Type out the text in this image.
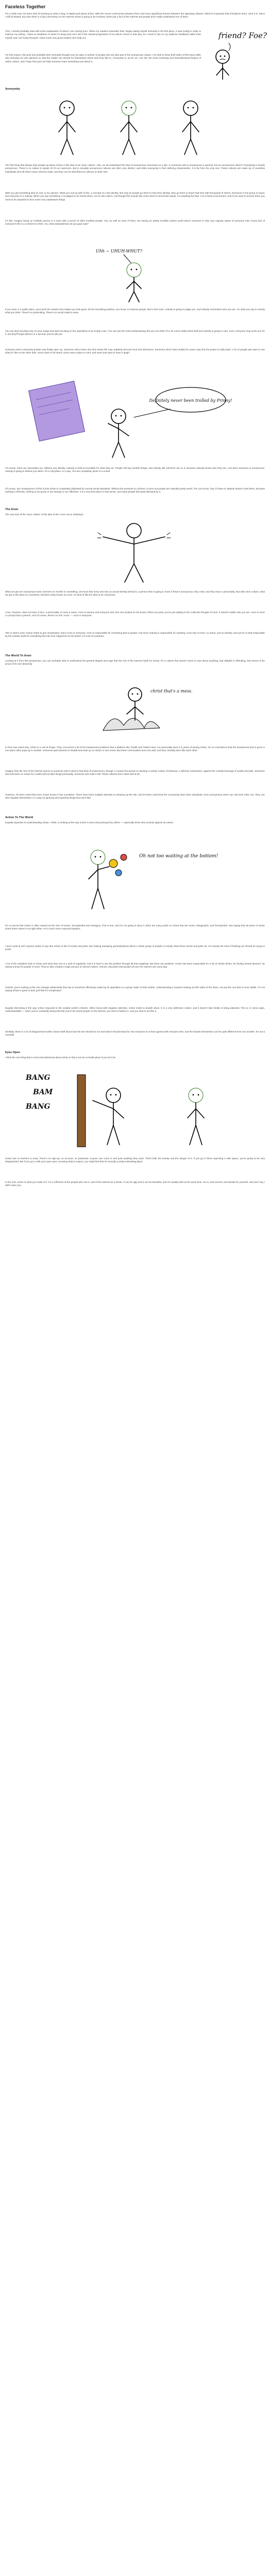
Faceless Together
For a while now I've been kind of meaning to write a long, in-depth post about 4chan. With the recent controversy between them and some significant tension between the opposing cultures I think it's important that it finally be done. Here it is. Since I will be biased, any time there is a big controversy on the internet 4chan is going to be involved, that's just a fact of the internet and people don't really understand one of them.
First, I should probably start with some explanation of where I am coming from. When my readers remember that I began taking myself seriously in the first place, it was mostly in order to improve my writing. I have no feedback on what I'm doing and can't see if the natural progression of an article comes in that way. So I need to rely on my audience feedback rather than myself, and I am lucky because I have some very good readers who help out.
For this reason, this post has probably been seriously thought over by quite a number of people who are also part of the anonymous culture. I've tried to show both sides of this issue while also showing my own opinions so that the reader can decide for themselves which side they fall on. Anonymity is, as far as I can tell, the most confusing and misunderstood feature of online culture, and I hope this post can help someone learn something new about it.
friend? Foe?
Anonymity
The first thing that always trips people up about 4chan is this idea of an 'anon culture'. Like, we all understand the idea of anonymous comments on a site, or someone who is anonymous in general, but an anonymous culture? Everybody is simply anonymous. There is no culture to speak of! It's an oxymoron. But in actuality anonymous cultures are often very distinct, and while anonymity is their defining characteristic, it is far from the only one. These cultures are made up of countless individuals who all share many common traits, and they can be described as cultures on their own.
With you get something kind of cool, in my opinion. What you end up with is this, a concept of a lost identity. Not only do people go there to lose their identity, they go there to share that loss with thousands of others. Everyone in the group is equal, and everyone is a nobody. When you say something, it is judged on its merits alone, not on who said it. And though this sounds like some kind of communist utopia, it is anything but that. It is a harsh environment, and if you want to survive there you need to be prepared to face some very unpleasant things.
It's like, imagine being an invisible person in a room with a bunch of other invisible people. You, as well as each of them, are seeing an utterly invisible wolves world where everyone is only very vaguely aware of everyone else. Every fact of everyone's life is a comment to them. So, what awkwardness do you guys wait?
Uhh ~ UHUH-WHUT?
If you were in a public place, you'd pick the answer that makes you look good. It'd be something positive, you know, to impress people. But in this room, nobody is going to judge you, and nobody remembers who you are. So what you say is exactly what you think. There's no pretending. There's no social mask to wear.
You can stop focusing only on your image and start focusing on the equivalent of an empty room. You can say the most embarrassing shit you can think of or do some really weird stuff and nobody is going to care. Sure, everyone may mock you for it, but they'll forget about it in a second, and so will you.
Someone who's extremely private may finally open up. Someone who's been shy their whole life may suddenly become loud and obnoxious. Someone who's been bullied for years may find the power to bully back. A lot of people just want to see what it's like on the other side. Some want to be heard, some want a place to vent, and some just want to have a laugh.
Definitely never been trolled by Prinny!
Of course, there are downsides too. Without any identity, nobody is held accountable for what they do. People will say horrible things, and nobody will call them out on it, because nobody knows who they are. And since everyone is anonymous, nobody is going to defend you either. It's a cold place, in a way. You are completely alone in a crowd.
Of course, the consequence of this is that 4chan is completely disjointed by normal social standards. Without the pressure to conform, it turns out people are naturally pretty weird. The 'you know, 'hey I'd have to' attitude doesn't exist there, because nothing is off limits, nothing is too gross or too strange or too offensive. It is a very free place in that sense, and many people feel quite liberated by it.
The Anon
The very lack of the 'anon culture' is this idea of the 'Anon' as an individual.
What we get are anonymous texts comment on Tumblr or something, we know that every text has an actual identity behind it, a person that is typing it. Even if they're anonymous, they exist, and they have a personality. But with anon culture, what we get is this idea of a nameless, faceless entity known as Anon. It's kind of like the idea of an 'everyman'.
Anon, however, does not have a face, a personality, or even a name. Anon is anyone and everyone who has ever posted on the board. When you post, you're just adding to the collective thought of Anon. It doesn't matter who you are. Anon is more a concept than a person. And of course, there's no one 'Anon' — Anon is everyone.
This is where anon culture starts to get complicated. Since Anon is everyone, Anon is responsible for everything that is posted. And since nobody is responsible for anything, Anon has no face, no name, and no identity, and yet he is held responsible by the outside world for everything that has ever happened on the board. It's a bit of a paradox.
The World To Anon
Looking at it from this perspective, you can probably start to understand the general disgust and rage that the rest of the internet holds for 4chan. It's a culture that doesn't seem to care about anything, that delights in offending, that seems to be proud of its own depravity.
christ that's a mess.
In their own weird way, 4chan is a unit of shape. They concurrent a lot of the harassment problems that a platform like Tumblr and Twitter have. I've personally seen it in years of joining 4chan; It's no coincidence that the harassment that is gone in one place often pops up in another. Someone gets banned on Reddit and ends up on 4chan or vice versa. But these communities don't mix well, and they certainly don't like each other.
Imagine how the rest of the internet seems to someone who's used to that kind of environment, though. It causes the person to develop a certain culture of behavior, a defense mechanism, against the constant barrage of insults and jabs. Someone who has been on 4chan for a while will not take things personally. Someone who hasn't will. These cultures don't clash well at all.
However, it's been noted that even 4chan knows it has a problem. There have been multiple attempts at cleaning up the site, and it's been noted that the community does have standards. Even anonymous users can call each other out. They can also regulate themselves, in a way, by ignoring and reporting things they don't like.
Action To The World
Equally important to understanding 4chan, I think, is looking at the way 4chan is seen and portrayed by others — especially those who actively oppose its culture.
Oh not too waiting at the bottom!
It's no secret that 4chan is often viewed as the hive of racism, homophobia and misogyny. This is true, and I'm not going to deny it; there are many posts on 4chan that are racist, misogynistic, and homophobic. But saying that all users of 4chan share these views is not right either. It's a much more nuanced situation.
I don't mind at all if anyone wants to say that 4chan is full of racists and jerks. But making sweeping generalizations about a whole group of people is exactly what those racists and jerks do. It's exactly the kind of thinking we should be trying to avoid.
A lot of the outsiders look at 4chan and what they see is a wall of negativity. And it is hard to see the positive through all that negativity. But there are positives. 4chan has been responsible for a lot of charity drives, for finding animal abusers, for raising money for people in need. They've also created a huge amount of internet culture, memes, and jokes that people all over the internet use every day.
Overall, you're looking at the very strange relationship that has to somehow effectively exists by its opposition to a group made of both worlds. Understanding it requires looking at both sides of the issue, not just the one that is most visible. I'm not saying 4chan is good or bad, just that it's complicated.
Equally interesting is the way 4chan responds to the outside world's criticism. When faced with negative attention, 4chan tends to double down. It is a very defensive culture, and it doesn't take kindly to being attacked. This is, in some ways, understandable — when you're constantly being told that you're the worst people on the internet, you start to believe it, and you start to act like it.
Similarly, there is a lot of disagreement within 4chan itself about how the site should be run and what it should stand for. Not everyone on 4chan agrees with everyone else, and the boards themselves can be quite different from one another. It's not a monolith.
Eyes Open
I think the one thing that is most misunderstood about 4chan is that it can be a hostile place if you let it be.
BANG
BAM
BANG
4chan has no barriers to entry. There's no sign-up, no account, no password. Anyone can come in and post anything they want. That's both the beauty and the danger of it. If you go in there expecting a safe space, you're going to be very disappointed. But if you go in with your eyes open, knowing what to expect, you might find that it's actually a pretty interesting place.
In the end, 4chan is what you make of it. It's a reflection of the people who use it, and of the internet as a whole. It can be ugly and it can be beautiful, and it's usually both at the same time. Go in, look around, and decide for yourself. Just don't say I didn't warn you.
